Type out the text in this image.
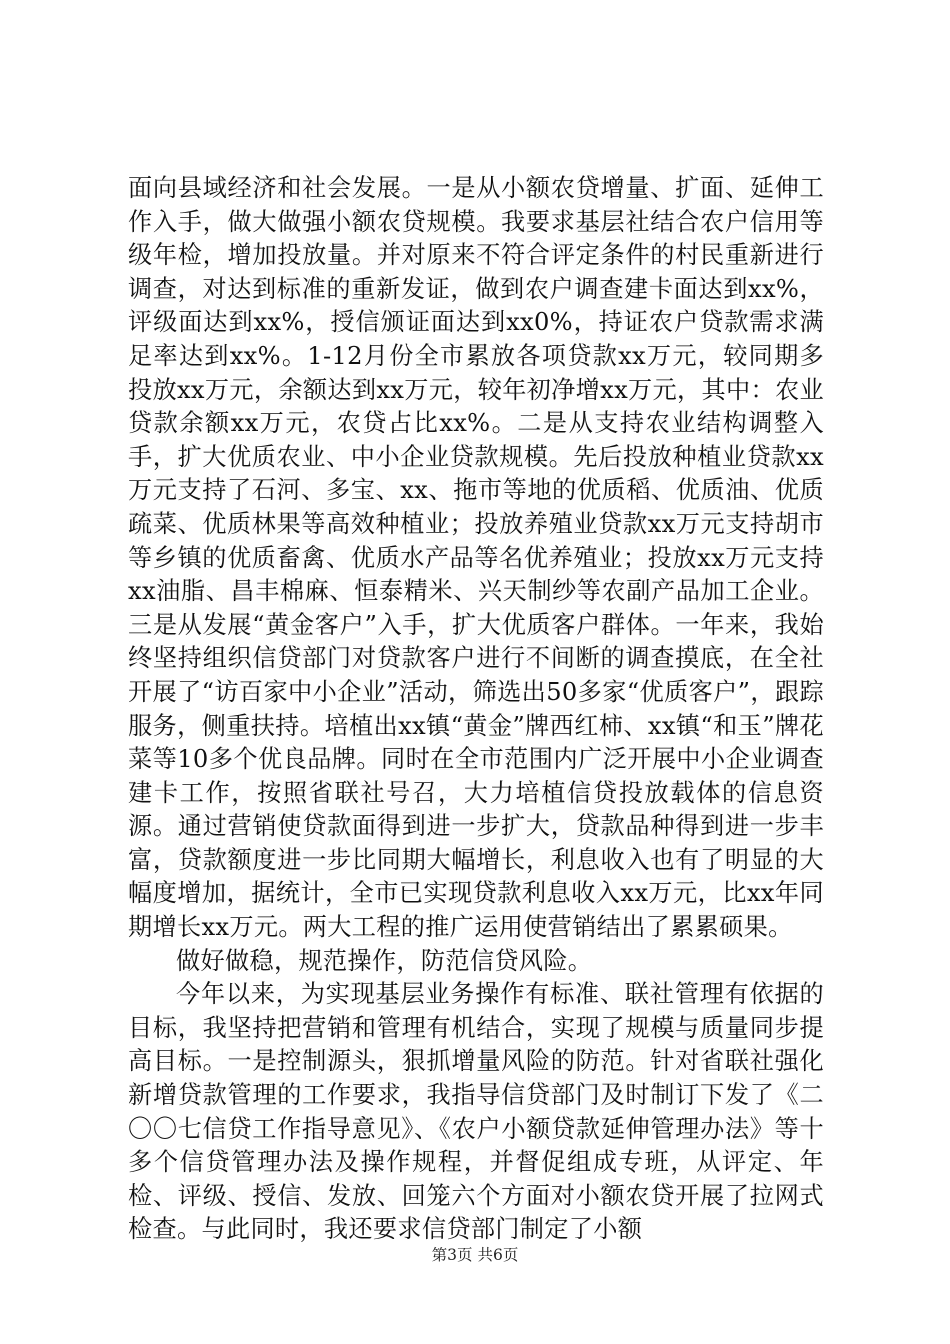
面向县域经济和社会发展。一是从小额农贷增量、扩面、延伸工作入手，做大做强小额农贷规模。我要求基层社结合农户信用等级年检，增加投放量。并对原来不符合评定条件的村民重新进行调查，对达到标准的重新发证，做到农户调查建卡面达到xx%，评级面达到xx%，授信颁证面达到xx0%，持证农户贷款需求满足率达到xx%。1-12月份全市累放各项贷款xx万元，较同期多投放xx万元，余额达到xx万元，较年初净增xx万元，其中：农业贷款余额xx万元，农贷占比xx%。二是从支持农业结构调整入手，扩大优质农业、中小企业贷款规模。先后投放种植业贷款xx万元支持了石河、多宝、xx、拖市等地的优质稻、优质油、优质疏菜、优质林果等高效种植业；投放养殖业贷款xx万元支持胡市等乡镇的优质畜禽、优质水产品等名优养殖业；投放xx万元支持xx油脂、昌丰棉麻、恒泰精米、兴天制纱等农副产品加工企业。三是从发展“黄金客户”入手，扩大优质客户群体。一年来，我始终坚持组织信贷部门对贷款客户进行不间断的调查摸底，在全社开展了“访百家中小企业”活动，筛选出50多家“优质客户”，跟踪服务，侧重扶持。培植出xx镇“黄金”牌西红柿、xx镇“和玉”牌花菜等10多个优良品牌。同时在全市范围内广泛开展中小企业调查建卡工作，按照省联社号召，大力培植信贷投放载体的信息资源。通过营销使贷款面得到进一步扩大，贷款品种得到进一步丰富，贷款额度进一步比同期大幅增长，利息收入也有了明显的大幅度增加，据统计，全市已实现贷款利息收入xx万元，比xx年同期增长xx万元。两大工程的推广运用使营销结出了累累硕果。

做好做稳，规范操作，防范信贷风险。

今年以来，为实现基层业务操作有标准、联社管理有依据的目标，我坚持把营销和管理有机结合，实现了规模与质量同步提高目标。一是控制源头，狠抓增量风险的防范。针对省联社强化新增贷款管理的工作要求，我指导信贷部门及时制订下发了《二〇〇七信贷工作指导意见》、《农户小额贷款延伸管理办法》等十多个信贷管理办法及操作规程，并督促组成专班，从评定、年检、评级、授信、发放、回笼六个方面对小额农贷开展了拉网式检查。与此同时，我还要求信贷部门制定了小额

第3页 共6页
